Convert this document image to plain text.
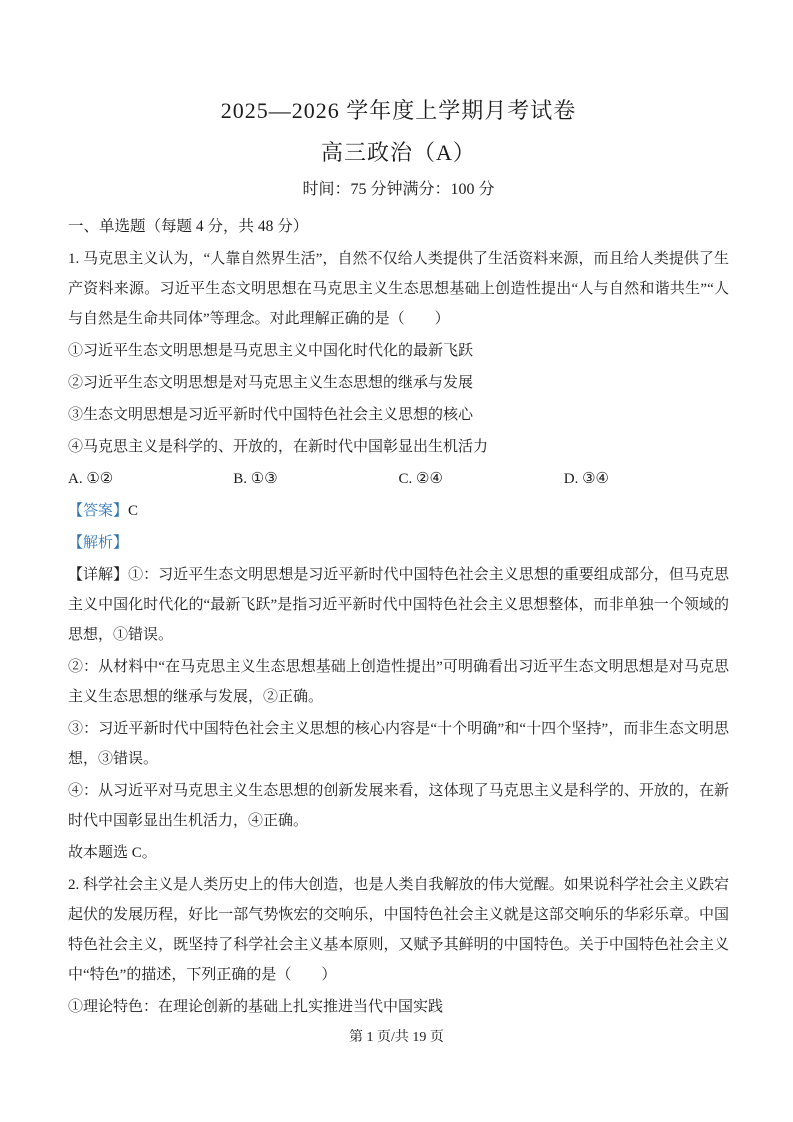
2025—2026 学年度上学期月考试卷
高三政治（A）
时间：75 分钟满分：100 分
一、单选题（每题 4 分，共 48 分）

1. 马克思主义认为，“人靠自然界生活”，自然不仅给人类提供了生活资料来源，而且给人类提供了生产资料来源。习近平生态文明思想在马克思主义生态思想基础上创造性提出“人与自然和谐共生”“人与自然是生命共同体”等理念。对此理解正确的是（　　）

①习近平生态文明思想是马克思主义中国化时代化的最新飞跃

②习近平生态文明思想是对马克思主义生态思想的继承与发展

③生态文明思想是习近平新时代中国特色社会主义思想的核心

④马克思主义是科学的、开放的，在新时代中国彰显出生机活力

A. ①②	B. ①③	C. ②④	D. ③④
【答案】C
【解析】

【详解】①：习近平生态文明思想是习近平新时代中国特色社会主义思想的重要组成部分，但马克思主义中国化时代化的“最新飞跃”是指习近平新时代中国特色社会主义思想整体，而非单独一个领域的思想，①错误。

②：从材料中“在马克思主义生态思想基础上创造性提出”可明确看出习近平生态文明思想是对马克思主义生态思想的继承与发展，②正确。

③：习近平新时代中国特色社会主义思想的核心内容是“十个明确”和“十四个坚持”，而非生态文明思想，③错误。

④：从习近平对马克思主义生态思想的创新发展来看，这体现了马克思主义是科学的、开放的，在新时代中国彰显出生机活力，④正确。

故本题选 C。

2. 科学社会主义是人类历史上的伟大创造，也是人类自我解放的伟大觉醒。如果说科学社会主义跌宕起伏的发展历程，好比一部气势恢宏的交响乐，中国特色社会主义就是这部交响乐的华彩乐章。中国特色社会主义，既坚持了科学社会主义基本原则，又赋予其鲜明的中国特色。关于中国特色社会主义中“特色”的描述，下列正确的是（　　）

①理论特色：在理论创新的基础上扎实推进当代中国实践

第 1 页/共 19 页
